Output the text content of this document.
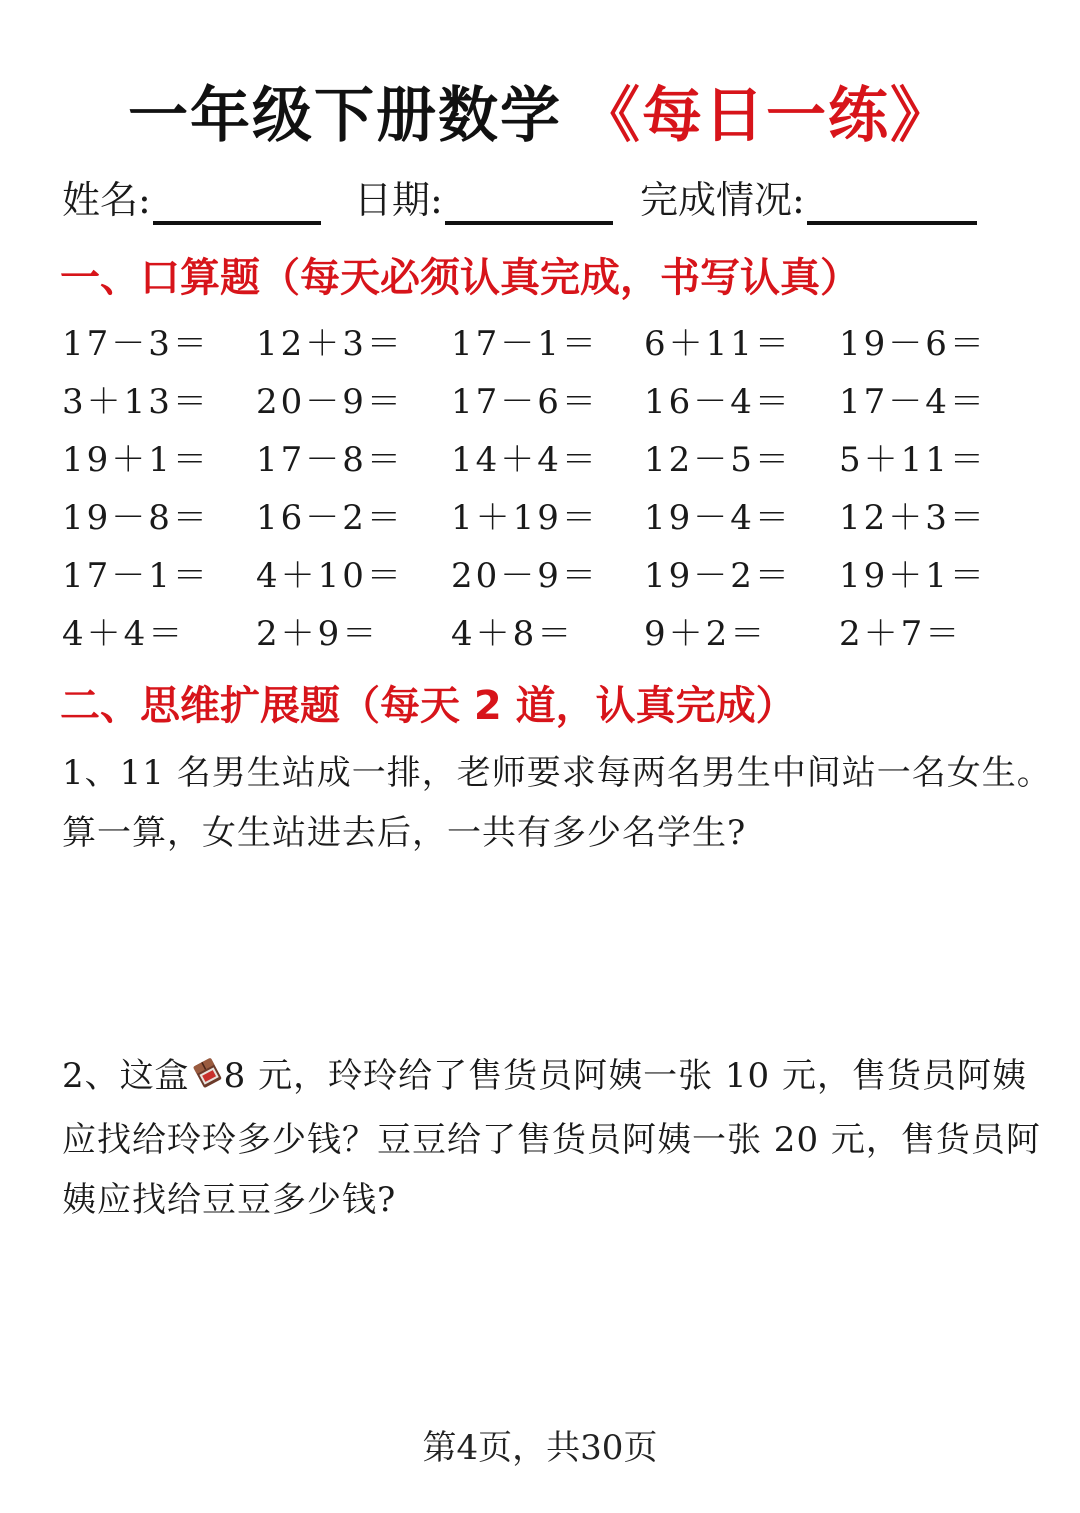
一年级下册数学 《每日一练》
姓名:	日期:	完成情况:
一、口算题（每天必须认真完成，书写认真）
17－3＝ 12＋3＝ 17－1＝ 6＋11＝ 19－6＝
3＋13＝ 20－9＝ 17－6＝ 16－4＝ 17－4＝
19＋1＝ 17－8＝ 14＋4＝ 12－5＝ 5＋11＝
19－8＝ 16－2＝ 1＋19＝ 19－4＝ 12＋3＝
17－1＝ 4＋10＝ 20－9＝ 19－2＝ 19＋1＝
4＋4＝ 2＋9＝ 4＋8＝ 9＋2＝ 2＋7＝
二、思维扩展题（每天 2 道，认真完成）
1、11 名男生站成一排，老师要求每两名男生中间站一名女生。
算一算，女生站进去后，一共有多少名学生?
2、这盒 8 元，玲玲给了售货员阿姨一张 10 元，售货员阿姨
应找给玲玲多少钱？豆豆给了售货员阿姨一张 20 元，售货员阿
姨应找给豆豆多少钱?
第4页，共30页
